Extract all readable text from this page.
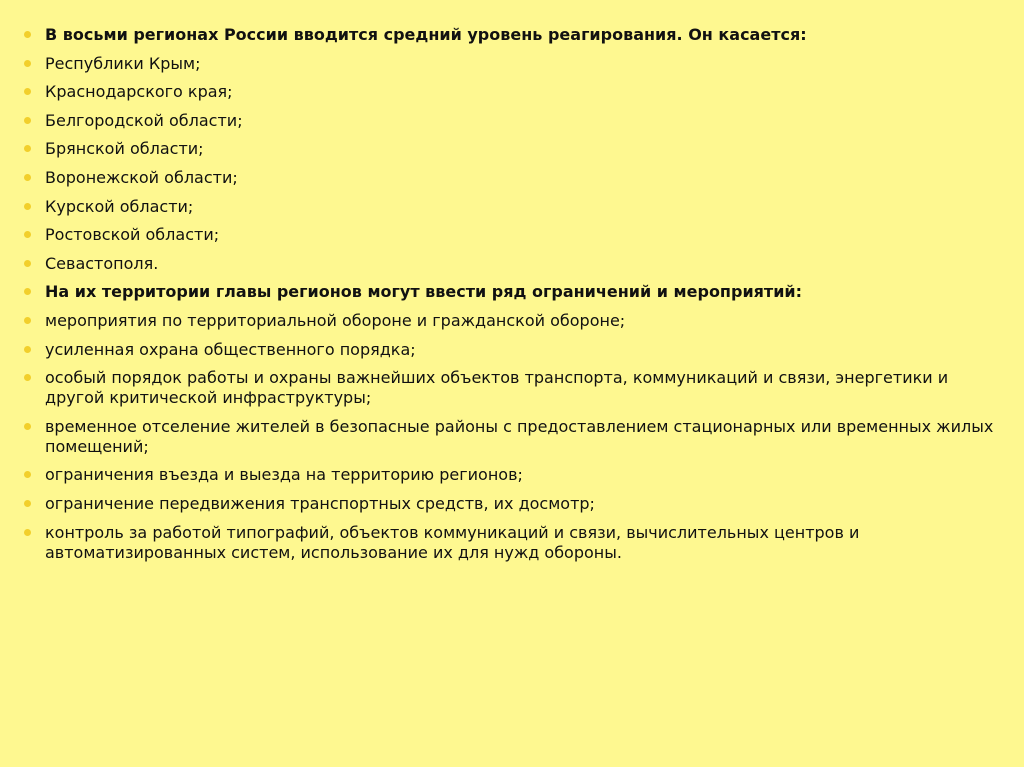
В восьми регионах России вводится средний уровень реагирования. Он касается:
Республики Крым;
Краснодарского края;
Белгородской области;
Брянской области;
Воронежской области;
Курской области;
Ростовской области;
Севастополя.
На их территории главы регионов могут ввести ряд ограничений и мероприятий:
мероприятия по территориальной обороне и гражданской обороне;
усиленная охрана общественного порядка;
особый порядок работы и охраны важнейших объектов транспорта, коммуникаций и связи, энергетики и другой критической инфраструктуры;
временное отселение жителей в безопасные районы с предоставлением стационарных или временных жилых помещений;
ограничения въезда и выезда на территорию регионов;
ограничение передвижения транспортных средств, их досмотр;
контроль за работой типографий, объектов коммуникаций и связи, вычислительных центров и автоматизированных систем, использование их для нужд обороны.
